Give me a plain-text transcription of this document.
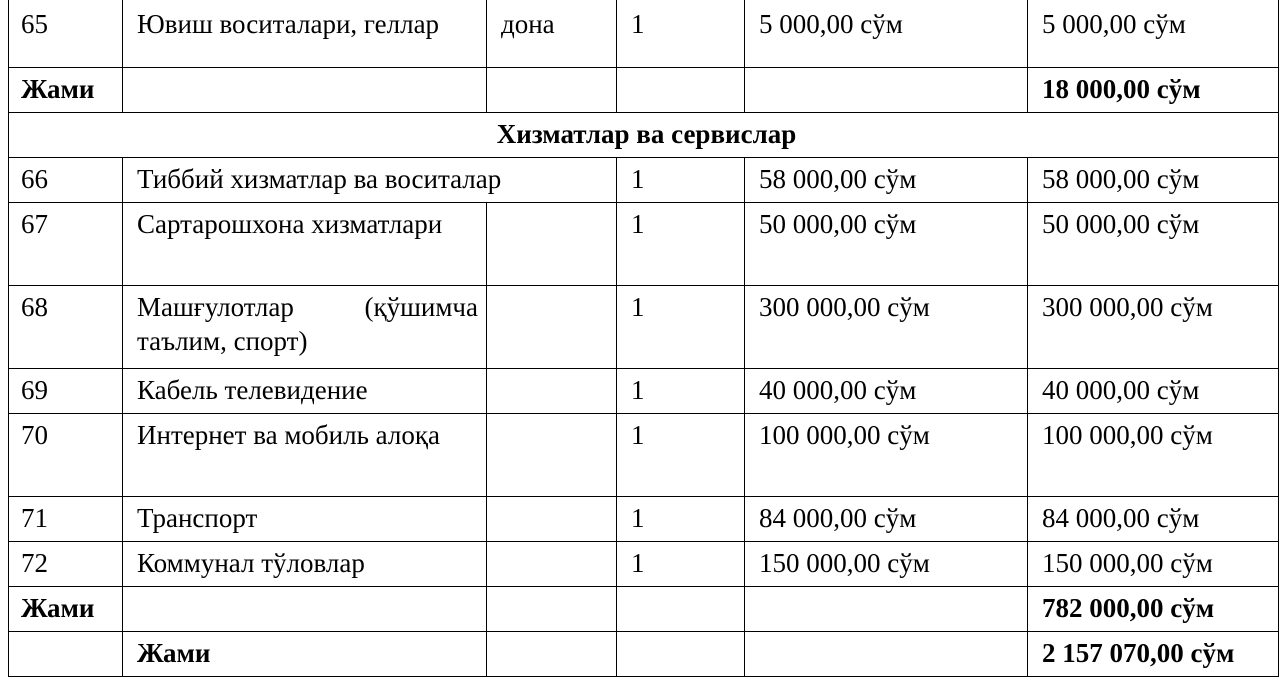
65	Ювиш воситалари, геллар	дона	1	5 000,00 сўм	5 000,00 сўм
Жами					18 000,00 сўм
Хизматлар ва сервислар					
66	Тиббий хизматлар ва воситалар		1	58 000,00 сўм	58 000,00 сўм
67	Сартарошхона хизматлари		1	50 000,00 сўм	50 000,00 сўм
68	Машғулотлар (қўшимча таълим, спорт)		1	300 000,00 сўм	300 000,00 сўм
69	Кабель телевидение		1	40 000,00 сўм	40 000,00 сўм
70	Интернет ва мобиль алоқа		1	100 000,00 сўм	100 000,00 сўм
71	Транспорт		1	84 000,00 сўм	84 000,00 сўм
72	Коммунал тўловлар		1	150 000,00 сўм	150 000,00 сўм
Жами					782 000,00 сўм
	Жами				2 157 070,00 сўм
